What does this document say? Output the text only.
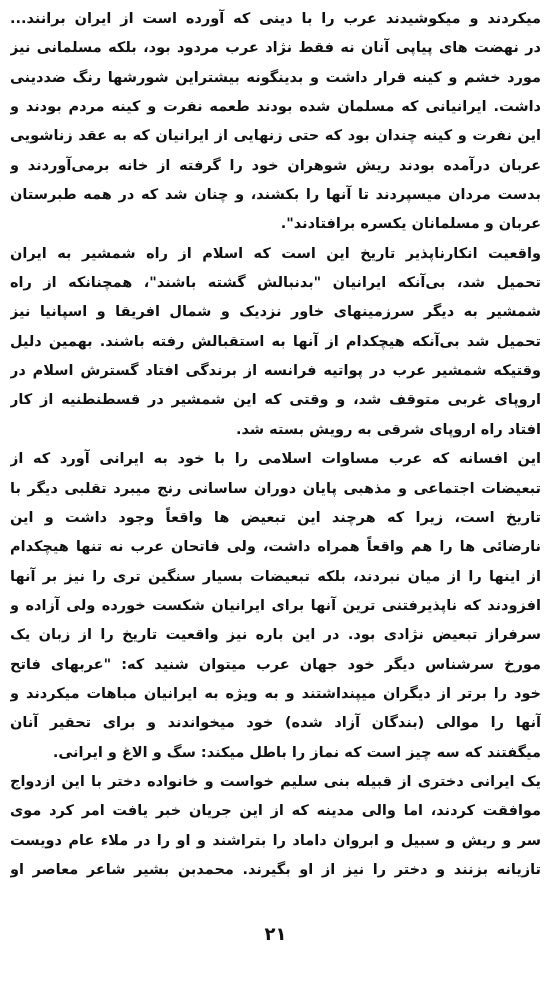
میکردند و میکوشیدند عرب را با دینی که آورده است از ایران برانند...
در نهضت های پیاپی آنان نه فقط نژاد عرب مردود بود، بلکه مسلمانی نیز
مورد خشم و کینه قرار داشت و بدینگونه بیشتراین شورشها رنگ ضددینی
داشت. ایرانیانی که مسلمان شده بودند طعمه نفرت و کینه مردم بودند و
این نفرت و کینه چندان بود که حتی زنهایی از ایرانیان که به عقد زناشویی
عربان درآمده بودند ریش شوهران خود را گرفته از خانه برمی‌آوردند و
بدست مردان میسپردند تا آنها را بکشند، و چنان شد که در همه طبرستان
عربان و مسلمانان یکسره برافتادند".
واقعیت انکارناپذیر تاریخ این است که اسلام از راه شمشیر به ایران
تحمیل شد، بی‌آنکه ایرانیان "بدنبالش گشته باشند"، همچنانکه از راه
شمشیر به دیگر سرزمینهای خاور نزدیک و شمال افریقا و اسپانیا نیز
تحمیل شد بی‌آنکه هیچکدام از آنها به استقبالش رفته باشند. بهمین دلیل
وقتیکه شمشیر عرب در پواتیه فرانسه از برندگی افتاد گسترش اسلام در
اروپای غربی متوقف شد، و وقتی که این شمشیر در قسطنطنیه از کار
افتاد راه اروپای شرقی به رویش بسته شد.
این افسانه که عرب مساوات اسلامی را با خود به ایرانی آورد که از
تبعیضات اجتماعی و مذهبی پایان دوران ساسانی رنج میبرد تقلبی دیگر با
تاریخ است، زیرا که هرچند این تبعیض ها واقعاً وجود داشت و این
نارضائی ها را هم واقعاً همراه داشت، ولی فاتحان عرب نه تنها هیچکدام
از اینها را از میان نبردند، بلکه تبعیضات بسیار سنگین تری را نیز بر آنها
افزودند که ناپذیرفتنی ترین آنها برای ایرانیان شکست خورده ولی آزاده و
سرفراز تبعیض نژادی بود. در این باره نیز واقعیت تاریخ را از زبان یک
مورخ سرشناس دیگر خود جهان عرب میتوان شنید که: "عربهای فاتح
خود را برتر از دیگران میپنداشتند و به ویژه به ایرانیان مباهات میکردند و
آنها را موالی (بندگان آزاد شده) خود میخواندند و برای تحقیر آنان
میگفتند که سه چیز است که نماز را باطل میکند: سگ و الاغ و ایرانی.
یک ایرانی دختری از قبیله بنی سلیم خواست و خانواده دختر با این ازدواج
موافقت کردند، اما والی مدینه که از این جریان خبر یافت امر کرد موی
سر و ریش و سبیل و ابروان داماد را بتراشند و او را در ملاء عام دویست
تازیانه بزنند و دختر را نیز از او بگیرند. محمدبن بشیر شاعر معاصر او
۲۱
